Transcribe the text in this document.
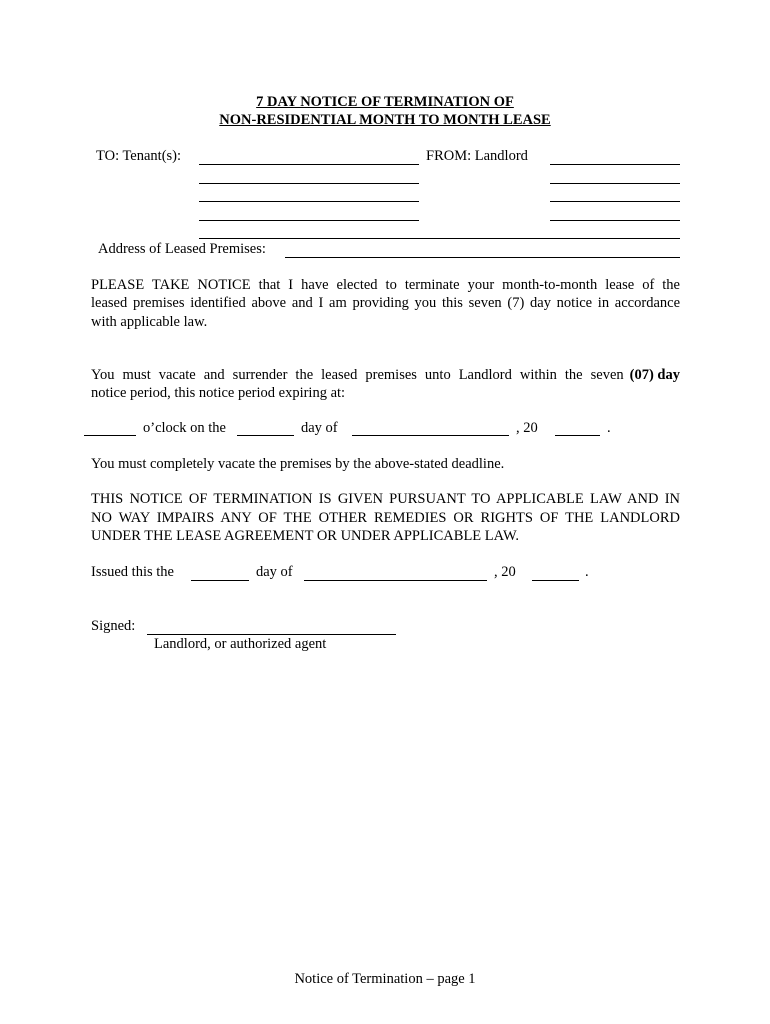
7 DAY NOTICE OF TERMINATION OF
NON-RESIDENTIAL MONTH TO MONTH LEASE
TO: Tenant(s):	FROM: Landlord
Address of Leased Premises:
PLEASE TAKE NOTICE that I have elected to terminate your month-to-month lease of the
leased premises identified above and I am providing you this seven (7) day notice in accordance
with applicable law.
You must vacate and surrender the leased premises unto Landlord within the seven (07) day
notice period, this notice period expiring at:
o’clock on the	day of	, 20	.
You must completely vacate the premises by the above-stated deadline.
THIS NOTICE OF TERMINATION IS GIVEN PURSUANT TO APPLICABLE LAW AND IN
NO WAY IMPAIRS ANY OF THE OTHER REMEDIES OR RIGHTS OF THE LANDLORD
UNDER THE LEASE AGREEMENT OR UNDER APPLICABLE LAW.
Issued this the	day of	, 20	.
Signed:
Landlord, or authorized agent
Notice of Termination – page 1
